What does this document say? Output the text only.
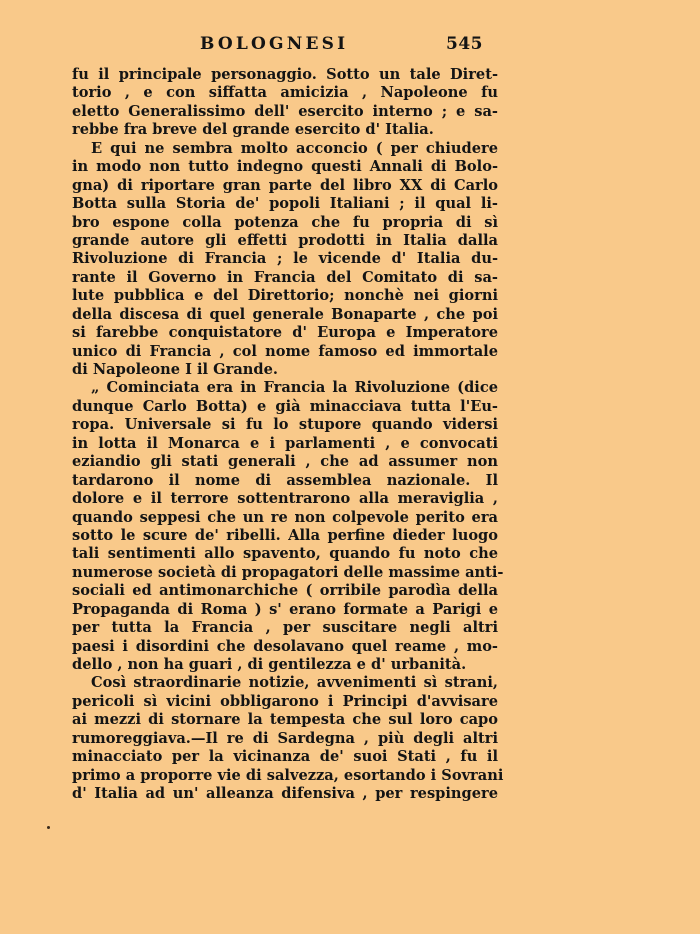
BOLOGNESI	545
fu il principale personaggio. Sotto un tale Diret-
torio , e con siffatta amicizia , Napoleone fu
eletto Generalissimo dell' esercito interno ; e sa-
rebbe fra breve del grande esercito d' Italia.
E qui ne sembra molto acconcio ( per chiudere
in modo non tutto indegno questi Annali di Bolo-
gna) di riportare gran parte del libro XX di Carlo
Botta sulla Storia de' popoli Italiani ; il qual li-
bro espone colla potenza che fu propria di sì
grande autore gli effetti prodotti in Italia dalla
Rivoluzione di Francia ; le vicende d' Italia du-
rante il Governo in Francia del Comitato di sa-
lute pubblica e del Direttorio; nonchè nei giorni
della discesa di quel generale Bonaparte , che poi
si farebbe conquistatore d' Europa e Imperatore
unico di Francia , col nome famoso ed immortale
di Napoleone I il Grande.
„ Cominciata era in Francia la Rivoluzione (dice
dunque Carlo Botta) e già minacciava tutta l'Eu-
ropa. Universale si fu lo stupore quando vidersi
in lotta il Monarca e i parlamenti , e convocati
eziandio gli stati generali , che ad assumer non
tardarono il nome di assemblea nazionale. Il
dolore e il terrore sottentrarono alla meraviglia ,
quando seppesi che un re non colpevole perito era
sotto le scure de' ribelli. Alla perfine dieder luogo
tali sentimenti allo spavento, quando fu noto che
numerose società di propagatori delle massime anti-
sociali ed antimonarchiche ( orribile parodìa della
Propaganda di Roma ) s' erano formate a Parigi e
per tutta la Francia , per suscitare negli altri
paesi i disordini che desolavano quel reame , mo-
dello , non ha guari , di gentilezza e d' urbanità.
Così straordinarie notizie, avvenimenti sì strani,
pericoli sì vicini obbligarono i Principi d'avvisare
ai mezzi di stornare la tempesta che sul loro capo
rumoreggiava.—Il re di Sardegna , più degli altri
minacciato per la vicinanza de' suoi Stati , fu il
primo a proporre vie di salvezza, esortando i Sovrani
d' Italia ad un' alleanza difensiva , per respingere
